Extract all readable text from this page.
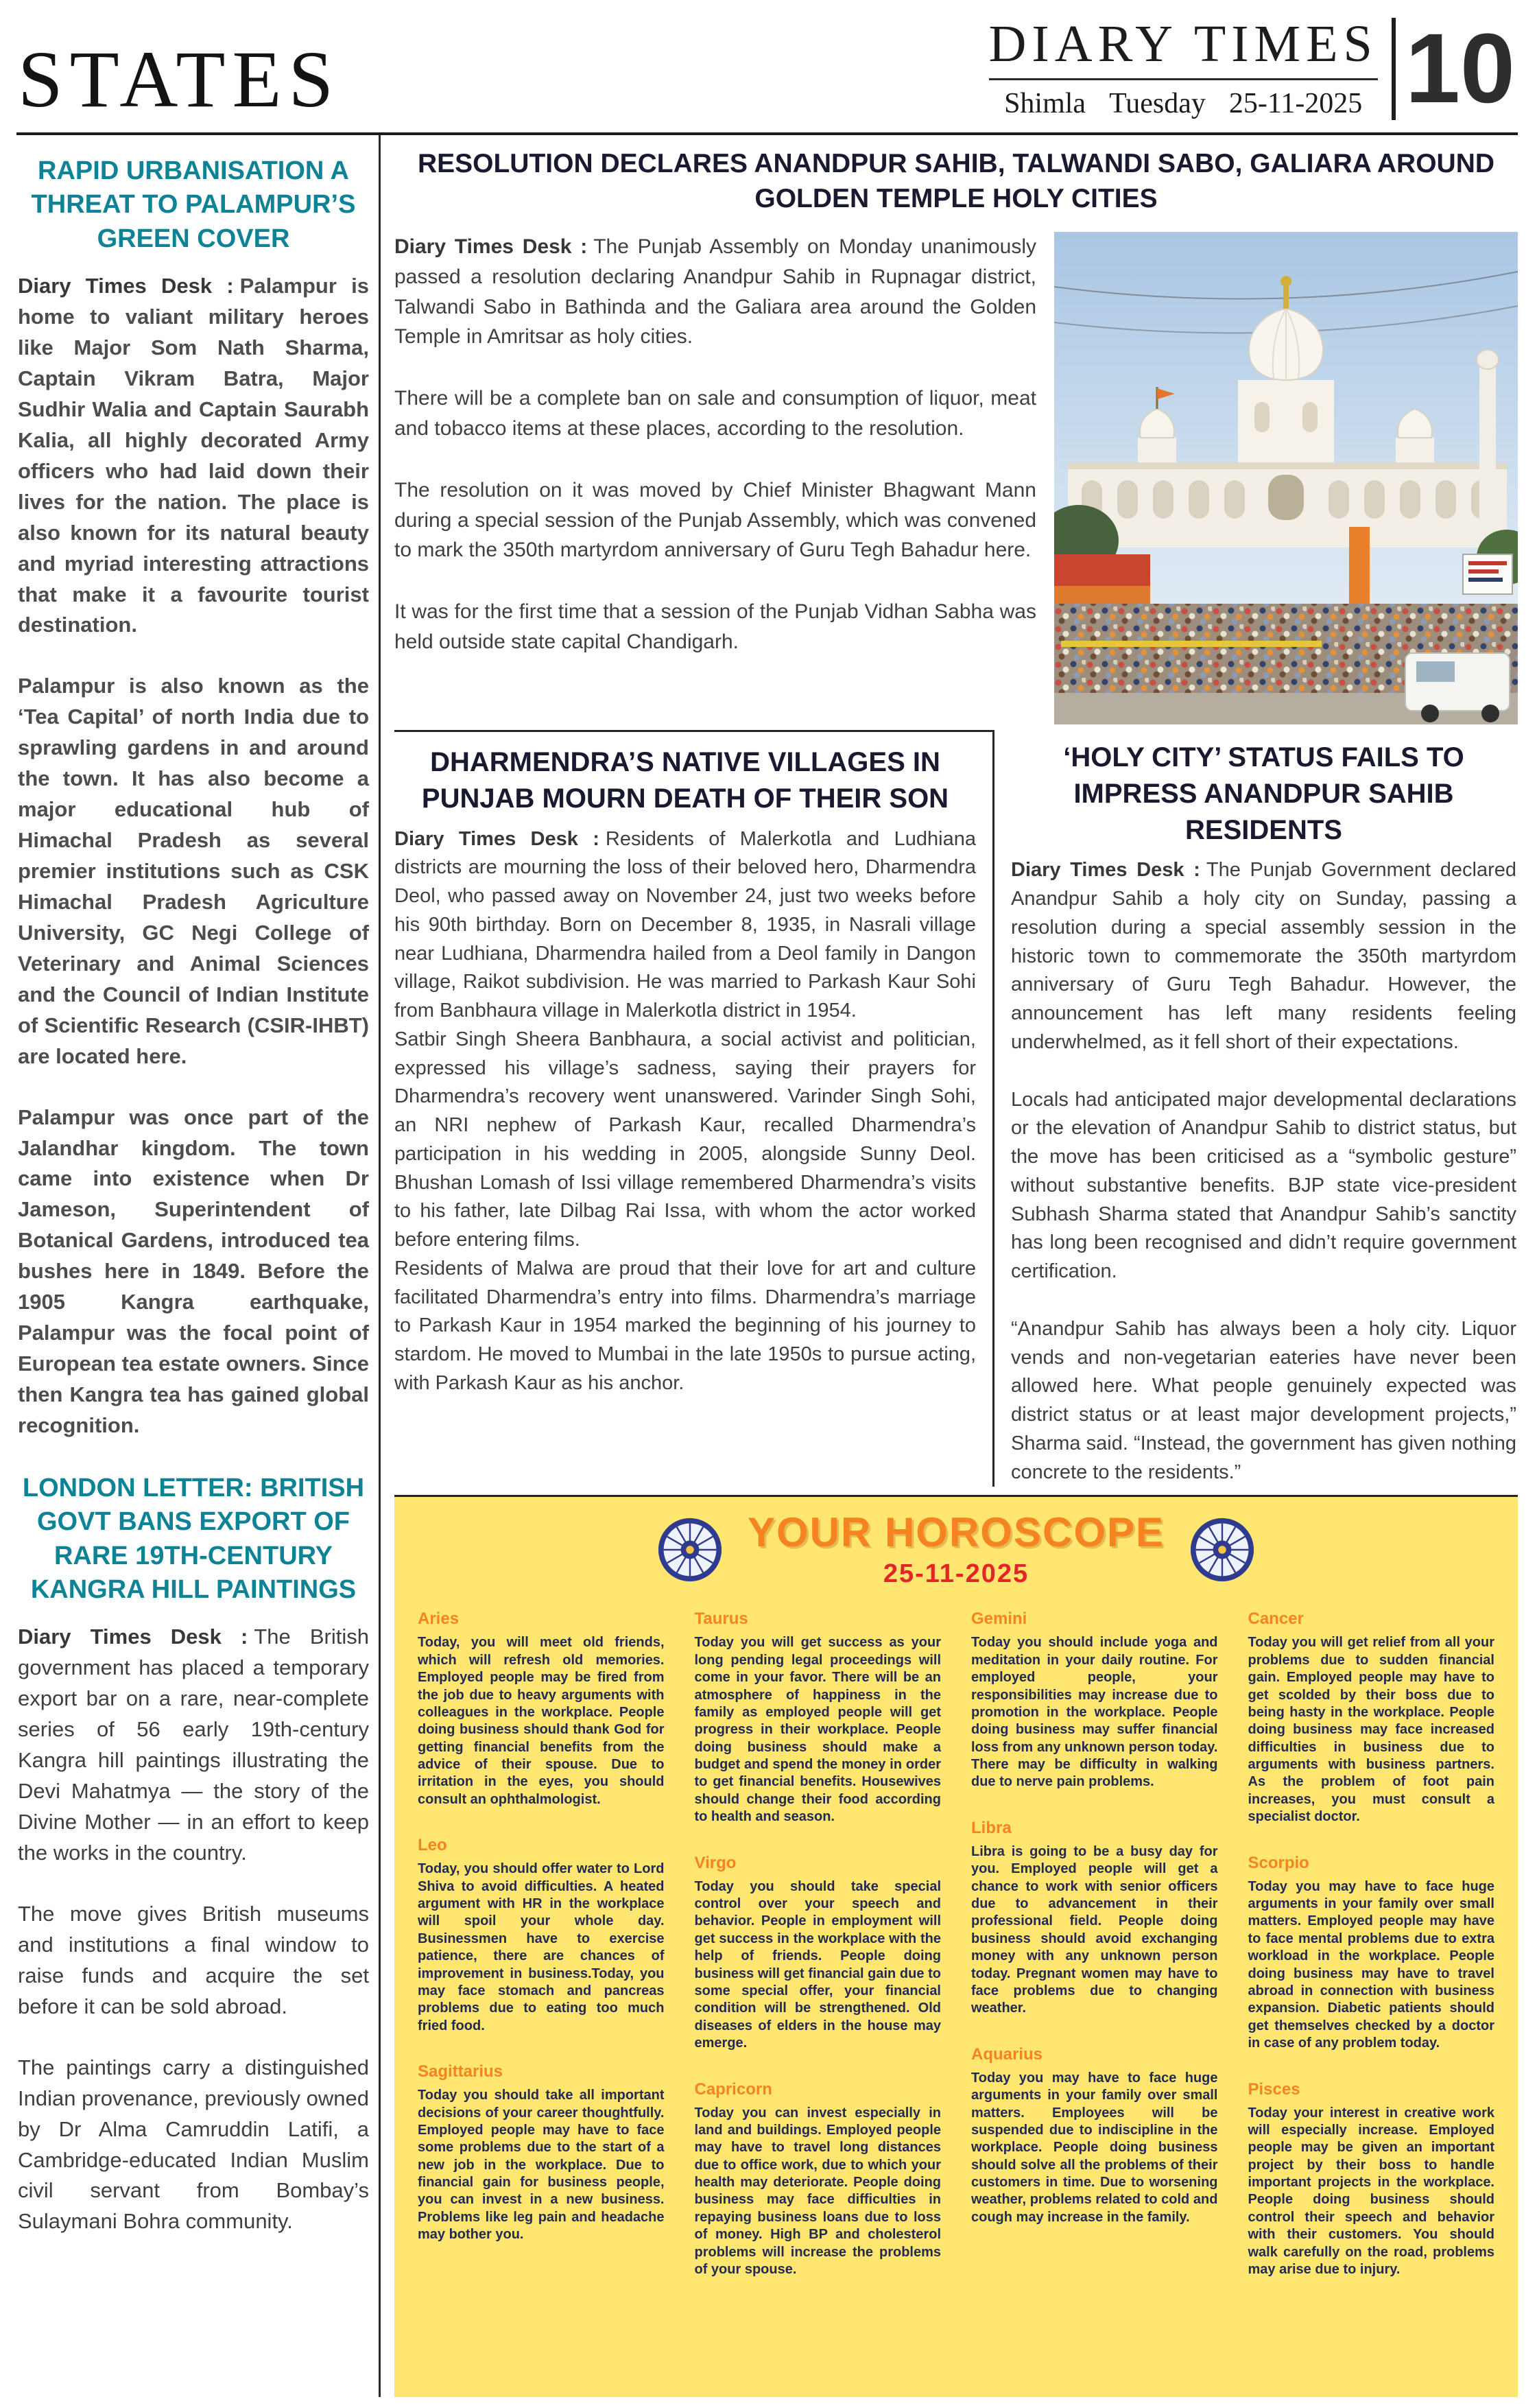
STATES	DIARY TIMES
Shimla Tuesday 25-11-2025 10
RAPID URBANISATION A THREAT TO PALAMPUR’S GREEN COVER

Diary Times Desk : Palampur is home to valiant military heroes like Major Som Nath Sharma, Captain Vikram Batra, Major Sudhir Walia and Captain Saurabh Kalia, all highly decorated Army officers who had laid down their lives for the nation. The place is also known for its natural beauty and myriad interesting attractions that make it a favourite tourist destination.

Palampur is also known as the ‘Tea Capital’ of north India due to sprawling gardens in and around the town. It has also become a major educational hub of Himachal Pradesh as several premier institutions such as CSK Himachal Pradesh Agriculture University, GC Negi College of Veterinary and Animal Sciences and the Council of Indian Institute of Scientific Research (CSIR-IHBT) are located here.

Palampur was once part of the Jalandhar kingdom. The town came into existence when Dr Jameson, Superintendent of Botanical Gardens, introduced tea bushes here in 1849. Before the 1905 Kangra earthquake, Palampur was the focal point of European tea estate owners. Since then Kangra tea has gained global recognition.

LONDON LETTER: BRITISH GOVT BANS EXPORT OF RARE 19TH-CENTURY KANGRA HILL PAINTINGS

Diary Times Desk : The British government has placed a temporary export bar on a rare, near-complete series of 56 early 19th-century Kangra hill paintings illustrating the Devi Mahatmya — the story of the Divine Mother — in an effort to keep the works in the country.

The move gives British museums and institutions a final window to raise funds and acquire the set before it can be sold abroad.

The paintings carry a distinguished Indian provenance, previously owned by Dr Alma Camruddin Latifi, a Cambridge-educated Indian Muslim civil servant from Bombay’s Sulaymani Bohra community.

RESOLUTION DECLARES ANANDPUR SAHIB, TALWANDI SABO, GALIARA AROUND GOLDEN TEMPLE HOLY CITIES

Diary Times Desk : The Punjab Assembly on Monday unanimously passed a resolution declaring Anandpur Sahib in Rupnagar district, Talwandi Sabo in Bathinda and the Galiara area around the Golden Temple in Amritsar as holy cities.

There will be a complete ban on sale and consumption of liquor, meat and tobacco items at these places, according to the resolution.

The resolution on it was moved by Chief Minister Bhagwant Mann during a special session of the Punjab Assembly, which was convened to mark the 350th martyrdom anniversary of Guru Tegh Bahadur here.

It was for the first time that a session of the Punjab Vidhan Sabha was held outside state capital Chandigarh.

DHARMENDRA’S NATIVE VILLAGES IN PUNJAB MOURN DEATH OF THEIR SON

Diary Times Desk : Residents of Malerkotla and Ludhiana districts are mourning the loss of their beloved hero, Dharmendra Deol, who passed away on November 24, just two weeks before his 90th birthday. Born on December 8, 1935, in Nasrali village near Ludhiana, Dharmendra hailed from a Deol family in Dangon village, Raikot subdivision. He was married to Parkash Kaur Sohi from Banbhaura village in Malerkotla district in 1954.

Satbir Singh Sheera Banbhaura, a social activist and politician, expressed his village’s sadness, saying their prayers for Dharmendra’s recovery went unanswered. Varinder Singh Sohi, an NRI nephew of Parkash Kaur, recalled Dharmendra’s participation in his wedding in 2005, alongside Sunny Deol. Bhushan Lomash of Issi village remembered Dharmendra’s visits to his father, late Dilbag Rai Issa, with whom the actor worked before entering films.

Residents of Malwa are proud that their love for art and culture facilitated Dharmendra’s entry into films. Dharmendra’s marriage to Parkash Kaur in 1954 marked the beginning of his journey to stardom. He moved to Mumbai in the late 1950s to pursue acting, with Parkash Kaur as his anchor.

‘HOLY CITY’ STATUS FAILS TO IMPRESS ANANDPUR SAHIB RESIDENTS

Diary Times Desk : The Punjab Government declared Anandpur Sahib a holy city on Sunday, passing a resolution during a special assembly session in the historic town to commemorate the 350th martyrdom anniversary of Guru Tegh Bahadur. However, the announcement has left many residents feeling underwhelmed, as it fell short of their expectations.

Locals had anticipated major developmental declarations or the elevation of Anandpur Sahib to district status, but the move has been criticised as a “symbolic gesture” without substantive benefits. BJP state vice-president Subhash Sharma stated that Anandpur Sahib’s sanctity has long been recognised and didn’t require government certification.

“Anandpur Sahib has always been a holy city. Liquor vends and non-vegetarian eateries have never been allowed here. What people genuinely expected was district status or at least major development projects,” Sharma said. “Instead, the government has given nothing concrete to the residents.”

YOUR HOROSCOPE
25-11-2025
Aries
Today, you will meet old friends, which will refresh old memories. Employed people may be fired from the job due to heavy arguments with colleagues in the workplace. People doing business should thank God for getting financial benefits from the advice of their spouse. Due to irritation in the eyes, you should consult an ophthalmologist.
Leo
Today, you should offer water to Lord Shiva to avoid difficulties. A heated argument with HR in the workplace will spoil your whole day. Businessmen have to exercise patience, there are chances of improvement in business.Today, you may face stomach and pancreas problems due to eating too much fried food.
Sagittarius
Today you should take all important decisions of your career thoughtfully. Employed people may have to face some problems due to the start of a new job in the workplace. Due to financial gain for business people, you can invest in a new business. Problems like leg pain and headache may bother you.
Taurus
Today you will get success as your long pending legal proceedings will come in your favor. There will be an atmosphere of happiness in the family as employed people will get progress in their workplace. People doing business should make a budget and spend the money in order to get financial benefits. Housewives should change their food according to health and season.
Virgo
Today you should take special control over your speech and behavior. People in employment will get success in the workplace with the help of friends. People doing business will get financial gain due to some special offer, your financial condition will be strengthened. Old diseases of elders in the house may emerge.
Capricorn
Today you can invest especially in land and buildings. Employed people may have to travel long distances due to office work, due to which your health may deteriorate. People doing business may face difficulties in repaying business loans due to loss of money. High BP and cholesterol problems will increase the problems of your spouse.
Gemini
Today you should include yoga and meditation in your daily routine. For employed people, your responsibilities may increase due to promotion in the workplace. People doing business may suffer financial loss from any unknown person today. There may be difficulty in walking due to nerve pain problems.
Libra
Libra is going to be a busy day for you. Employed people will get a chance to work with senior officers due to advancement in their professional field. People doing business should avoid exchanging money with any unknown person today. Pregnant women may have to face problems due to changing weather.
Aquarius
Today you may have to face huge arguments in your family over small matters. Employees will be suspended due to indiscipline in the workplace. People doing business should solve all the problems of their customers in time. Due to worsening weather, problems related to cold and cough may increase in the family.
Cancer
Today you will get relief from all your problems due to sudden financial gain. Employed people may have to get scolded by their boss due to being hasty in the workplace. People doing business may face increased difficulties in business due to arguments with business partners. As the problem of foot pain increases, you must consult a specialist doctor.
Scorpio
Today you may have to face huge arguments in your family over small matters. Employed people may have to face mental problems due to extra workload in the workplace. People doing business may have to travel abroad in connection with business expansion. Diabetic patients should get themselves checked by a doctor in case of any problem today.
Pisces
Today your interest in creative work will especially increase. Employed people may be given an important project by their boss to handle important projects in the workplace. People doing business should control their speech and behavior with their customers. You should walk carefully on the road, problems may arise due to injury.
